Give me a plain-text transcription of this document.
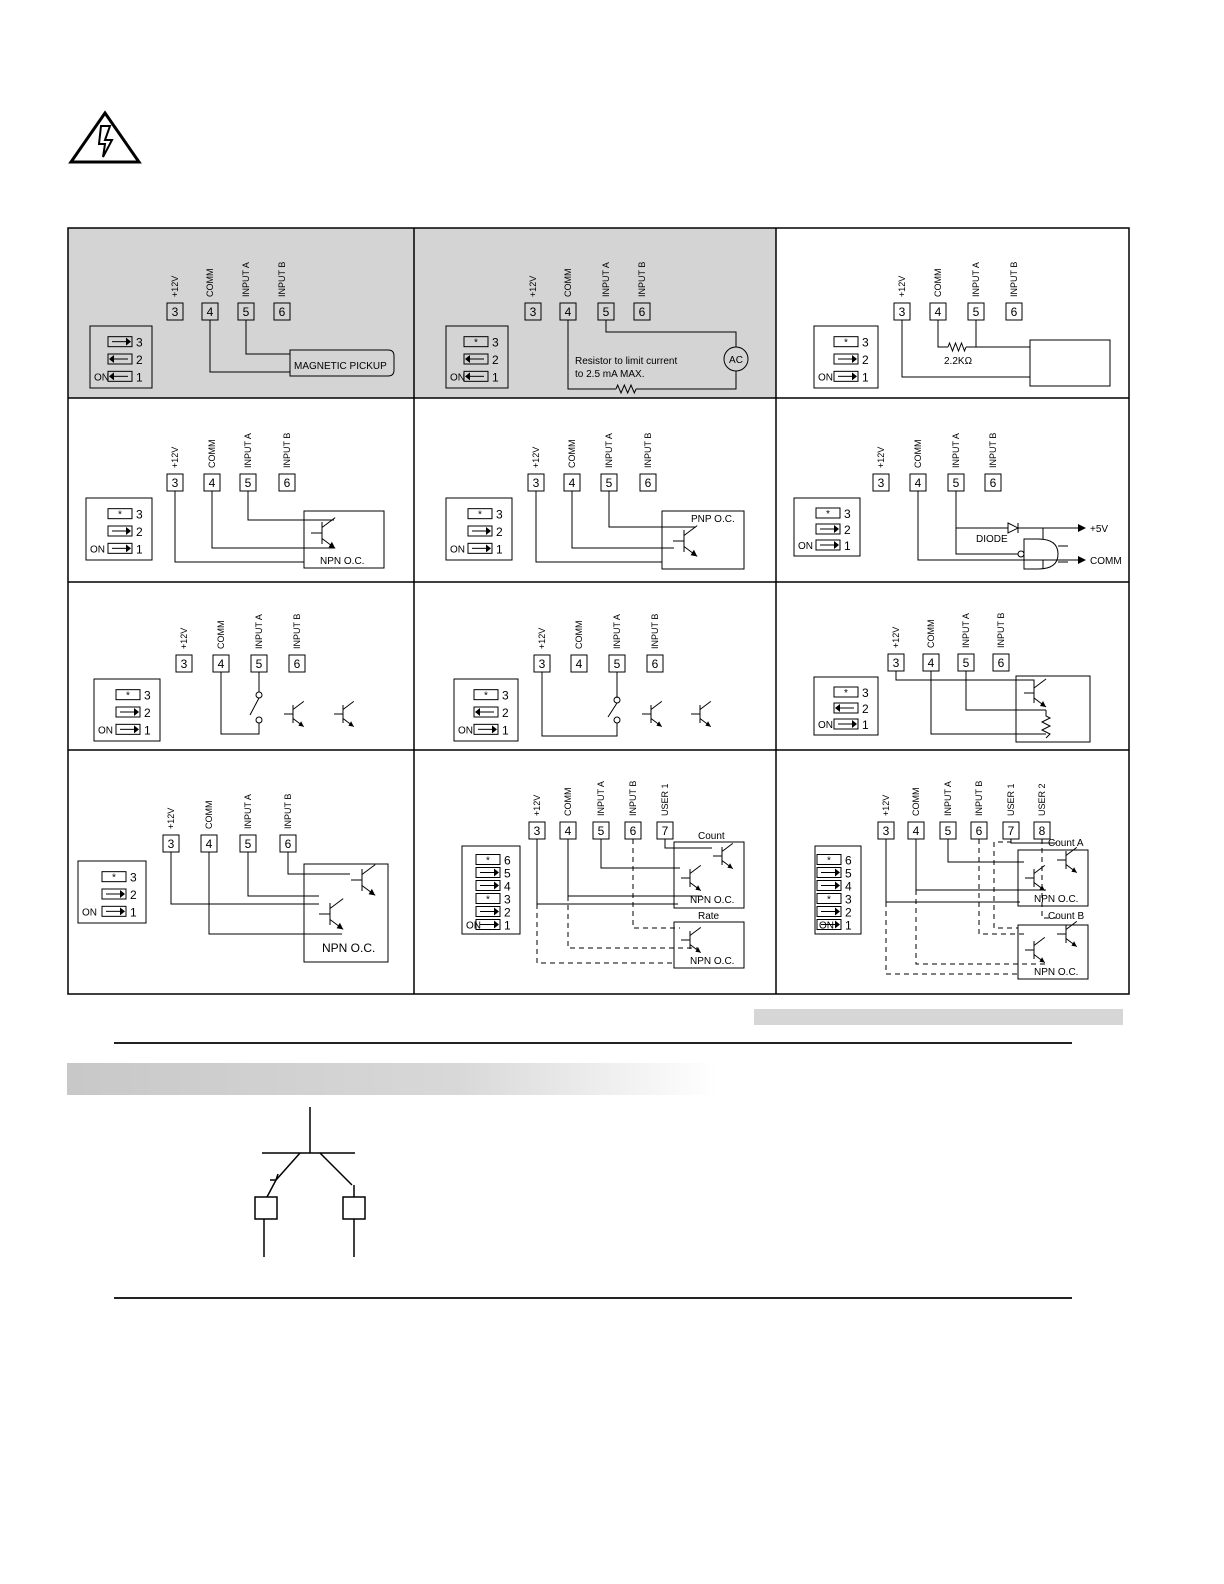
3
+12V
4
COMM
5
INPUT A
6
INPUT B
3
2
1
ON
MAGNETIC PICKUP
3
+12V
4
COMM
5
INPUT A
6
INPUT B
* 3
2
1
ON
AC
Resistor to limit current
to 2.5 mA MAX.
3
+12V
4
COMM
5
INPUT A
6
INPUT B
* 3
2
1
ON
2.2KΩ
3
+12V
4
COMM
5
INPUT A
6
INPUT B
* 3
2
1
ON
NPN O.C.
3
+12V
4
COMM
5
INPUT A
6
INPUT B
* 3
2
1
ON
PNP O.C.
3
+12V
4
COMM
5
INPUT A
6
INPUT B
* 3
2
1
ON
+5V
DIODE
COMM
3
+12V
4
COMM
5
INPUT A
6
INPUT B
* 3
2
1
ON
3
+12V
4
COMM
5
INPUT A
6
INPUT B
* 3
2
1
ON
3
+12V
4
COMM
5
INPUT A
6
INPUT B
* 3
2
1
ON
3
+12V
4
COMM
5
INPUT A
6
INPUT B
* 3
2
1
ON
NPN O.C.
3
+12V
4
COMM
5
INPUT A
6
INPUT B
7
USER 1
* 6
5
4
* 3
2
1
ON
Count
Rate
NPN O.C.
NPN O.C.
3
+12V
4
COMM
5
INPUT A
6
INPUT B
7
USER 1
8
USER 2
* 6
5
4
* 3
2
1
ON
Count A
Count B
NPN O.C.
NPN O.C.
